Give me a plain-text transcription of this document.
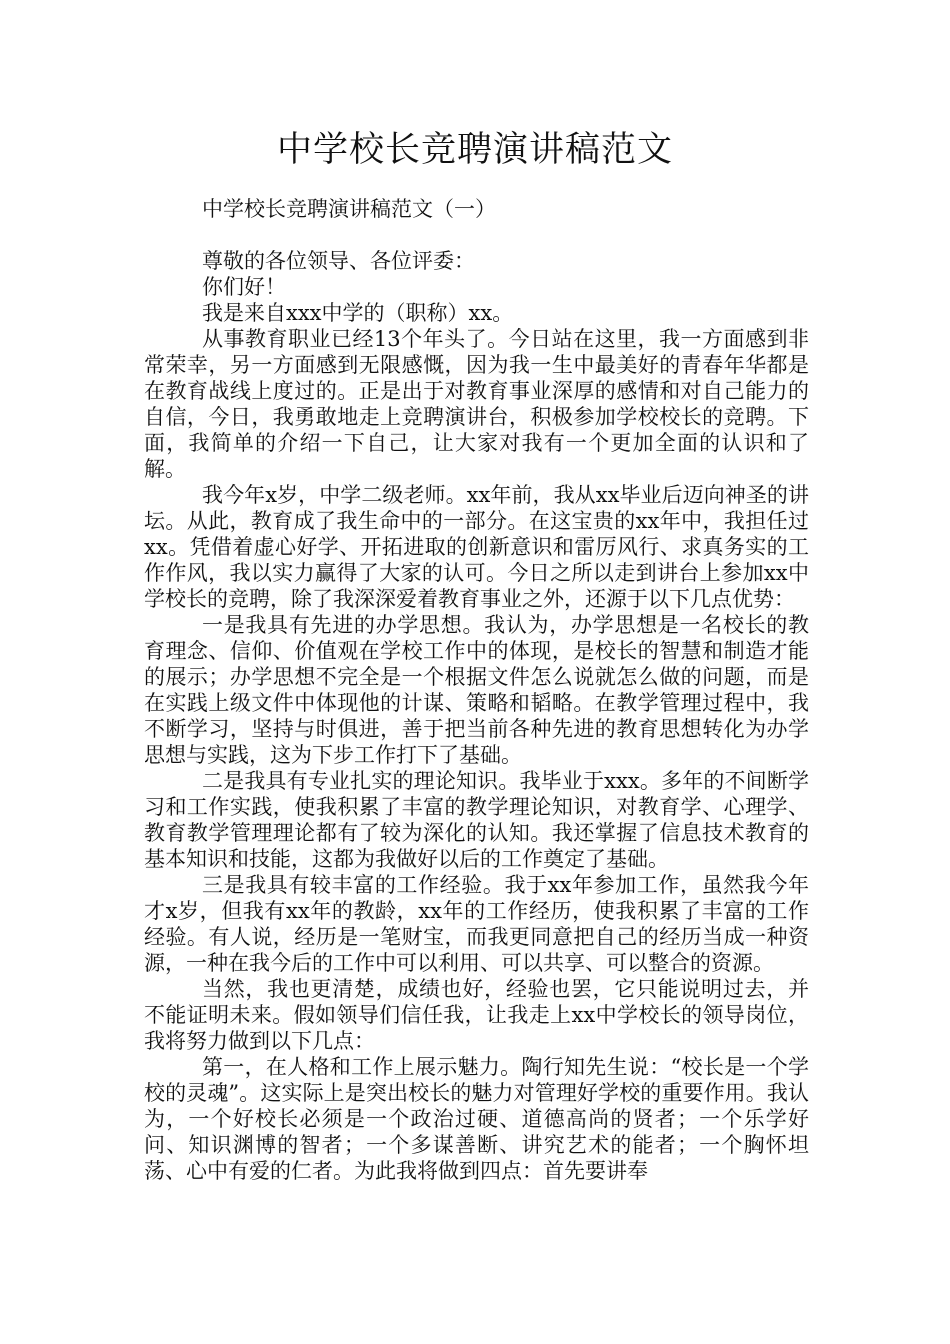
中学校长竞聘演讲稿范文

中学校长竞聘演讲稿范文（一）

尊敬的各位领导、各位评委：

你们好！

我是来自xxx中学的（职称）xx。

从事教育职业已经13个年头了。今日站在这里，我一方面感到非常荣幸，另一方面感到无限感慨，因为我一生中最美好的青春年华都是在教育战线上度过的。正是出于对教育事业深厚的感情和对自己能力的自信，今日，我勇敢地走上竞聘演讲台，积极参加学校校长的竞聘。下面，我简单的介绍一下自己，让大家对我有一个更加全面的认识和了解。

我今年x岁，中学二级老师。xx年前，我从xx毕业后迈向神圣的讲坛。从此，教育成了我生命中的一部分。在这宝贵的xx年中，我担任过xx。凭借着虚心好学、开拓进取的创新意识和雷厉风行、求真务实的工作作风，我以实力赢得了大家的认可。今日之所以走到讲台上参加xx中学校长的竞聘，除了我深深爱着教育事业之外，还源于以下几点优势：

一是我具有先进的办学思想。我认为，办学思想是一名校长的教育理念、信仰、价值观在学校工作中的体现，是校长的智慧和制造才能的展示；办学思想不完全是一个根据文件怎么说就怎么做的问题，而是在实践上级文件中体现他的计谋、策略和韬略。在教学管理过程中，我不断学习，坚持与时俱进，善于把当前各种先进的教育思想转化为办学思想与实践，这为下步工作打下了基础。

二是我具有专业扎实的理论知识。我毕业于xxx。多年的不间断学习和工作实践，使我积累了丰富的教学理论知识，对教育学、心理学、教育教学管理理论都有了较为深化的认知。我还掌握了信息技术教育的基本知识和技能，这都为我做好以后的工作奠定了基础。

三是我具有较丰富的工作经验。我于xx年参加工作，虽然我今年才x岁，但我有xx年的教龄，xx年的工作经历，使我积累了丰富的工作经验。有人说，经历是一笔财宝，而我更同意把自己的经历当成一种资源，一种在我今后的工作中可以利用、可以共享、可以整合的资源。

当然，我也更清楚，成绩也好，经验也罢，它只能说明过去，并不能证明未来。假如领导们信任我，让我走上xx中学校长的领导岗位，我将努力做到以下几点：

第一，在人格和工作上展示魅力。陶行知先生说：“校长是一个学校的灵魂”。这实际上是突出校长的魅力对管理好学校的重要作用。我认为，一个好校长必须是一个政治过硬、道德高尚的贤者；一个乐学好问、知识渊博的智者；一个多谋善断、讲究艺术的能者；一个胸怀坦荡、心中有爱的仁者。为此我将做到四点：首先要讲奉
